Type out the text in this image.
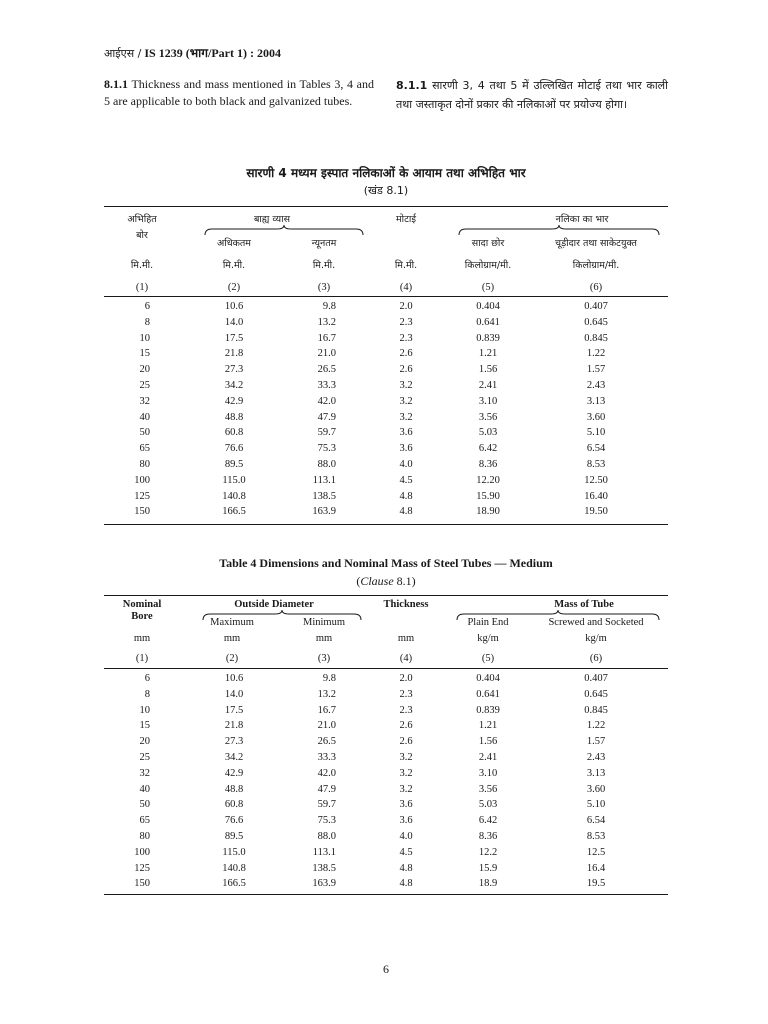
आईएस / IS 1239 (भाग/Part 1) : 2004
8.1.1 Thickness and mass mentioned in Tables 3, 4 and 5 are applicable to both black and galvanized tubes.
8.1.1 सारणी 3, 4 तथा 5 में उल्लिखित मोटाई तथा भार काली तथा जस्ताकृत दोनों प्रकार की नलिकाओं पर प्रयोज्य होगा।
सारणी 4 मध्यम इस्पात नलिकाओं के आयाम तथा अभिहित भार
(खंड 8.1)
अभिहित
बोर
बाह्य व्यास
अधिकतम	न्यूनतम
मोटाई	नलिका का भार
सादा छोर	चूड़ीदार तथा साकेटयुक्त
मि.मी.	मि.मी.	मि.मी.	मि.मी.	किलोग्राम/मी.	किलोग्राम/मी.
(1)	(2)	(3)	(4)	(5)	(6)
6	10.6	9.8	2.0	0.404	0.407
8	14.0	13.2	2.3	0.641	0.645
10	17.5	16.7	2.3	0.839	0.845
15	21.8	21.0	2.6	1.21	1.22
20	27.3	26.5	2.6	1.56	1.57
25	34.2	33.3	3.2	2.41	2.43
32	42.9	42.0	3.2	3.10	3.13
40	48.8	47.9	3.2	3.56	3.60
50	60.8	59.7	3.6	5.03	5.10
65	76.6	75.3	3.6	6.42	6.54
80	89.5	88.0	4.0	8.36	8.53
100	115.0	113.1	4.5	12.20	12.50
125	140.8	138.5	4.8	15.90	16.40
150	166.5	163.9	4.8	18.90	19.50
Table 4 Dimensions and Nominal Mass of Steel Tubes — Medium
(Clause 8.1)
Nominal
Bore
Outside Diameter
Maximum	Minimum
Thickness	Mass of Tube
Plain End	Screwed and Socketed
mm	mm	mm	mm	kg/m	kg/m
(1)	(2)	(3)	(4)	(5)	(6)
6	10.6	9.8	2.0	0.404	0.407
8	14.0	13.2	2.3	0.641	0.645
10	17.5	16.7	2.3	0.839	0.845
15	21.8	21.0	2.6	1.21	1.22
20	27.3	26.5	2.6	1.56	1.57
25	34.2	33.3	3.2	2.41	2.43
32	42.9	42.0	3.2	3.10	3.13
40	48.8	47.9	3.2	3.56	3.60
50	60.8	59.7	3.6	5.03	5.10
65	76.6	75.3	3.6	6.42	6.54
80	89.5	88.0	4.0	8.36	8.53
100	115.0	113.1	4.5	12.2	12.5
125	140.8	138.5	4.8	15.9	16.4
150	166.5	163.9	4.8	18.9	19.5
6
